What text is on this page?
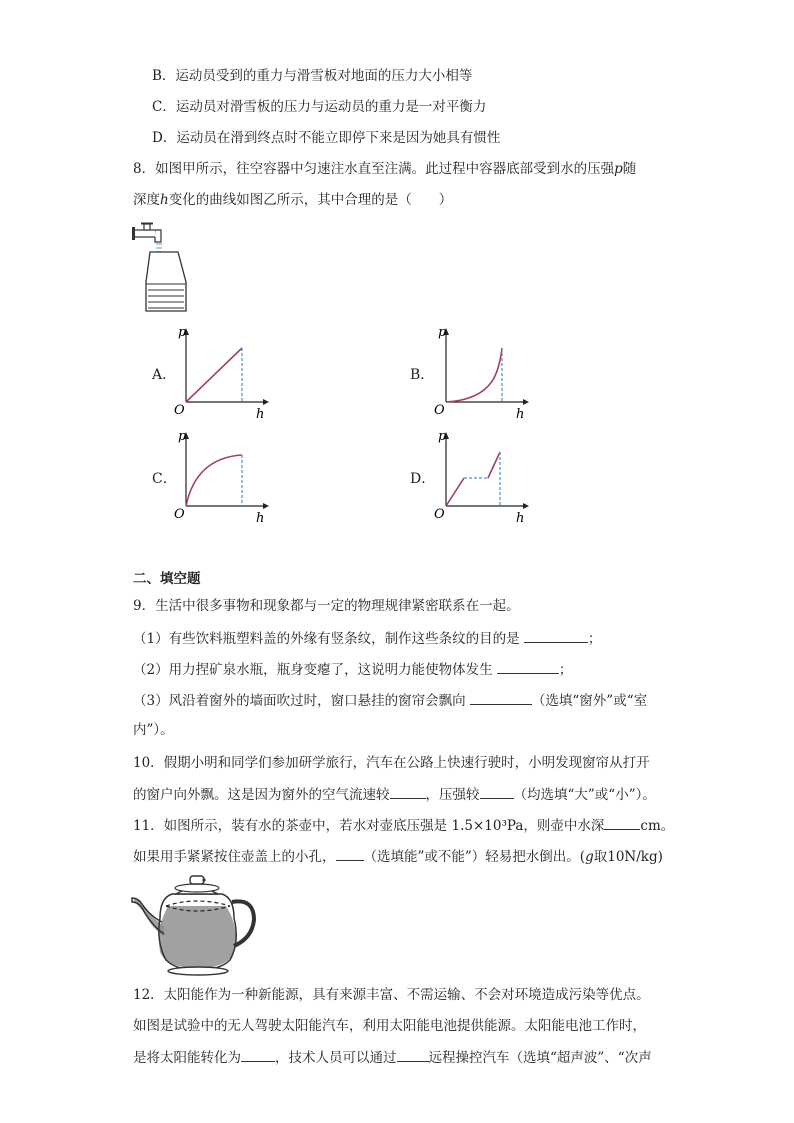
B．运动员受到的重力与滑雪板对地面的压力大小相等
C．运动员对滑雪板的压力与运动员的重力是一对平衡力
D．运动员在滑到终点时不能立即停下来是因为她具有惯性
8．如图甲所示，往空容器中匀速注水直至注满。此过程中容器底部受到水的压强p随
深度h变化的曲线如图乙所示，其中合理的是（　　）
A．
p
O	h
B．
p
O	h
C．
p
O	h
D．
p
O	h
二、填空题
9．生活中很多事物和现象都与一定的物理规律紧密联系在一起。
（1）有些饮料瓶塑料盖的外缘有竖条纹，制作这些条纹的目的是	；
（2）用力捏矿泉水瓶，瓶身变瘪了，这说明力能使物体发生	；
（3）风沿着窗外的墙面吹过时，窗口悬挂的窗帘会飘向	（选填“窗外”或“室
内”）。
10．假期小明和同学们参加研学旅行，汽车在公路上快速行驶时，小明发现窗帘从打开
的窗户向外飘。这是因为窗外的空气流速较	，压强较	（均选填“大”或“小”）。
11．如图所示，装有水的茶壶中，若水对壶底压强是 1.5×10³Pa，则壶中水深	cm。
如果用手紧紧按住壶盖上的小孔， （选填能”或不能”）轻易把水倒出。(g取10N/kg)
12．太阳能作为一种新能源，具有来源丰富、不需运输、不会对环境造成污染等优点。
如图是试验中的无人驾驶太阳能汽车，利用太阳能电池提供能源。太阳能电池工作时，
是将太阳能转化为	，技术人员可以通过 远程操控汽车（选填“超声波”、“次声
